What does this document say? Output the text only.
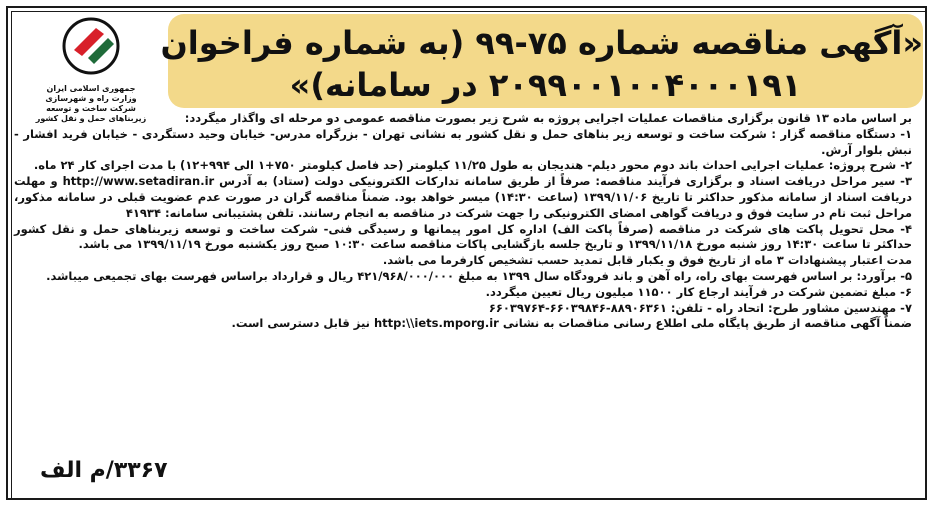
«آگهی مناقصه شماره ۷۵-۹۹ (به شماره فراخوان
۲۰۹۹۰۰۱۰۰۴۰۰۰۱۹۱ در سامانه)»
جمهوری اسلامی ایران
وزارت راه و شهرسازی
شرکت ساخت و توسعه زیربناهای حمل و نقل کشور	بر اساس ماده ۱۳ قانون برگزاری مناقصات عملیات اجرایی پروژه به شرح زیر بصورت مناقصه عمومی دو مرحله ای واگذار میگردد:

۱- دستگاه مناقصه گزار : شرکت ساخت و توسعه زیر بناهای حمل و نقل کشور به نشانی تهران - بزرگراه مدرس- خیابان وحید دستگردی - خیابان فرید افشار - نبش بلوار آرش.

۲- شرح پروژه: عملیات اجرایی احداث باند دوم محور دیلم- هندیجان به طول ۱۱/۲۵ کیلومتر (حد فاصل کیلومتر ۷۵۰+۱ الی ۹۹۴+۱۲) با مدت اجرای کار ۲۴ ماه.

۳- سیر مراحل دریافت اسناد و برگزاری فرآیند مناقصه: صرفاً از طریق سامانه تدارکات الکترونیکی دولت (ستاد) به آدرس http://www.setadiran.ir و مهلت دریافت اسناد از سامانه مذکور حداکثر تا تاریخ ۱۳۹۹/۱۱/۰۶ (ساعت ۱۴:۳۰) میسر خواهد بود. ضمناً مناقصه گران در صورت عدم عضویت قبلی در سامانه مذکور، مراحل ثبت نام در سایت فوق و دریافت گواهی امضای الکترونیکی را جهت شرکت در مناقصه به انجام رسانند. تلفن پشتیبانی سامانه: ۴۱۹۳۴

۴- محل تحویل پاکت های شرکت در مناقصه (صرفاً پاکت الف) اداره کل امور پیمانها و رسیدگی فنی- شرکت ساخت و توسعه زیربناهای حمل و نقل کشور حداکثر تا ساعت ۱۴:۳۰ روز شنبه مورخ ۱۳۹۹/۱۱/۱۸ و تاریخ جلسه بازگشایی پاکات مناقصه ساعت ۱۰:۳۰ صبح روز یکشنبه مورخ ۱۳۹۹/۱۱/۱۹ می باشد.

مدت اعتبار پیشنهادات ۳ ماه از تاریخ فوق و یکبار قابل تمدید حسب تشخیص کارفرما می باشد.

۵- برآورد: بر اساس فهرست بهای راه، راه آهن و باند فرودگاه سال ۱۳۹۹ به مبلغ ۴۲۱/۹۶۸/۰۰۰/۰۰۰ ریال و قرارداد براساس فهرست بهای تجمیعی میباشد.

۶- مبلغ تضمین شرکت در فرآیند ارجاع کار ۱۱۵۰۰ میلیون ریال تعیین میگردد.

۷- مهندسین مشاور طرح: اتحاد راه - تلفن: ۸۸۹۰۶۳۶۱-۶۶۰۳۹۸۴۶-۶۶۰۳۹۷۶۴

ضمناً آگهی مناقصه از طریق پایگاه ملی اطلاع رسانی مناقصات به نشانی http:\\iets.mporg.ir نیز قابل دسترسی است.

۳۳۶۷/م الف
